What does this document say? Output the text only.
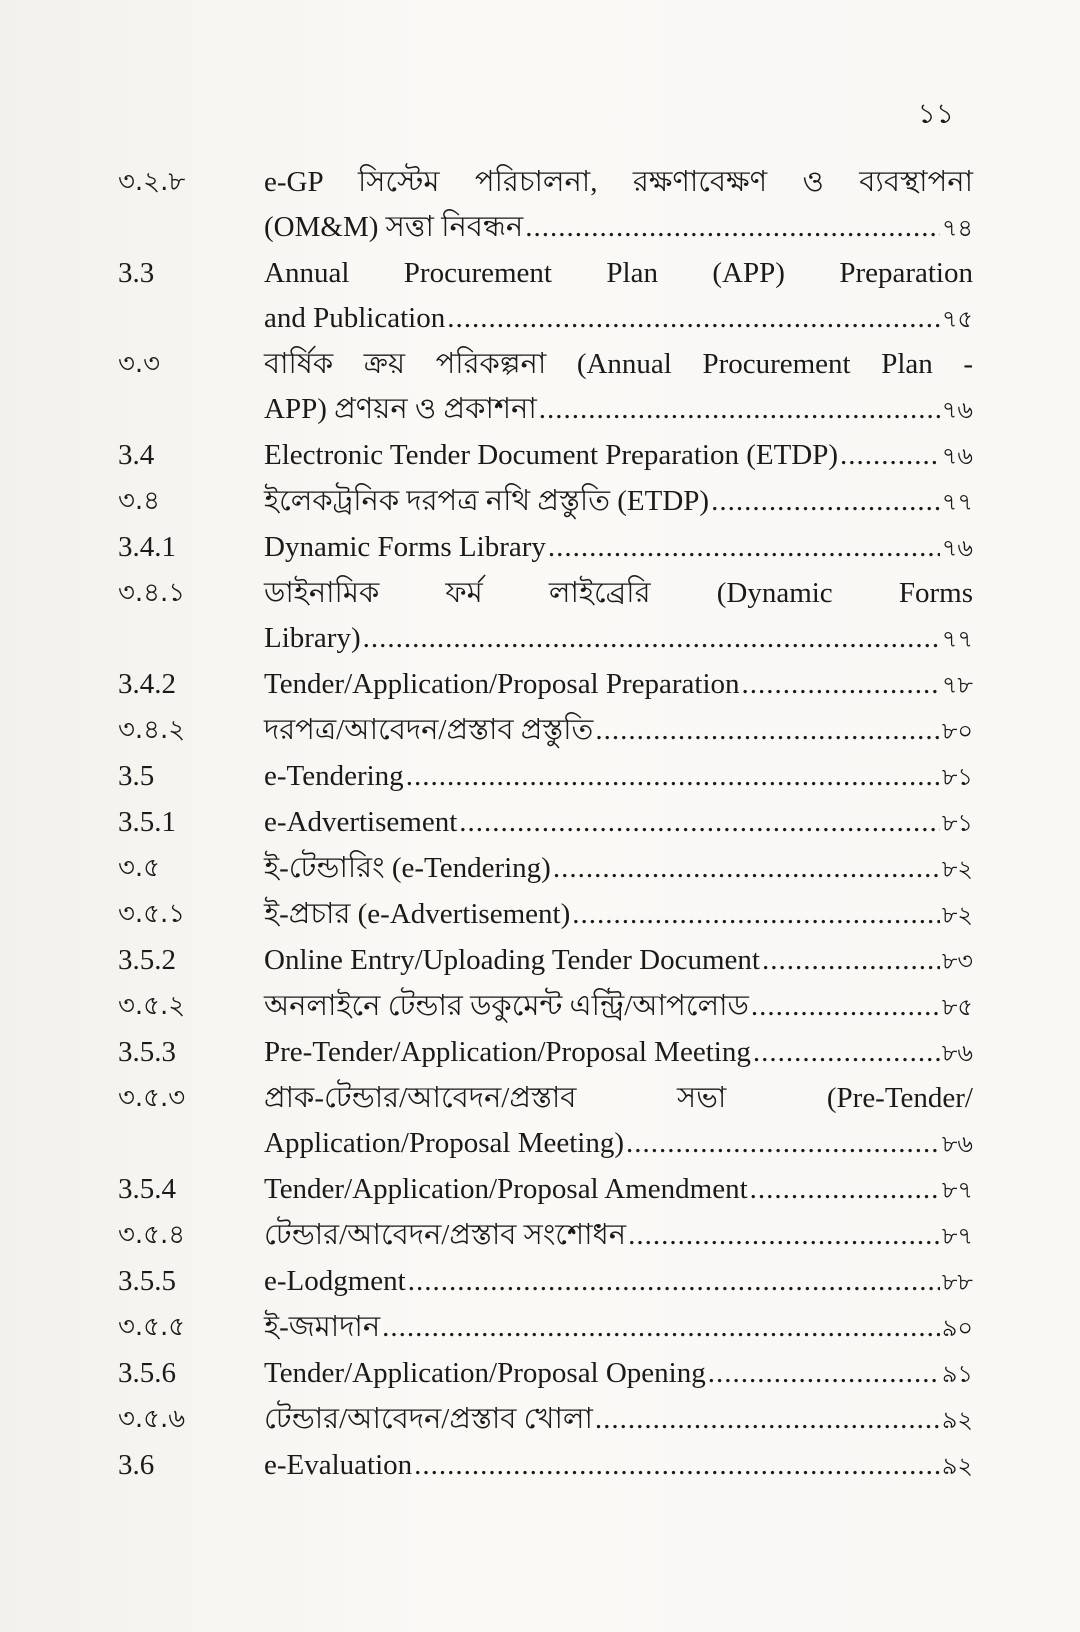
১১
৩.২.৮	e-GP সিস্টেম পরিচালনা, রক্ষণাবেক্ষণ ও ব্যবস্থাপনা
(OM&M) সত্তা নিবন্ধন .....	৭৪
3.3	Annual Procurement Plan (APP) Preparation
and Publication .....	৭৫
৩.৩	বার্ষিক ক্রয় পরিকল্পনা (Annual Procurement Plan -
APP) প্রণয়ন ও প্রকাশনা .....	৭৬
3.4	Electronic Tender Document Preparation (ETDP) .....	৭৬
৩.৪	ইলেকট্রনিক দরপত্র নথি প্রস্তুতি (ETDP) .....	৭৭
3.4.1	Dynamic Forms Library .....	৭৬
৩.৪.১	ডাইনামিক ফর্ম লাইব্রেরি (Dynamic Forms
Library) .....	৭৭
3.4.2	Tender/Application/Proposal Preparation .....	৭৮
৩.৪.২	দরপত্র/আবেদন/প্রস্তাব প্রস্তুতি .....	৮০
3.5	e-Tendering .....	৮১
3.5.1	e-Advertisement .....	৮১
৩.৫	ই-টেন্ডারিং (e-Tendering) .....	৮২
৩.৫.১	ই-প্রচার (e-Advertisement) .....	৮২
3.5.2	Online Entry/Uploading Tender Document .....	৮৩
৩.৫.২	অনলাইনে টেন্ডার ডকুমেন্ট এন্ট্রি/আপলোড .....	৮৫
3.5.3	Pre-Tender/Application/Proposal Meeting .....	৮৬
৩.৫.৩	প্রাক-টেন্ডার/আবেদন/প্রস্তাব সভা (Pre-Tender/
Application/Proposal Meeting) .....	৮৬
3.5.4	Tender/Application/Proposal Amendment .....	৮৭
৩.৫.৪	টেন্ডার/আবেদন/প্রস্তাব সংশোধন .....	৮৭
3.5.5	e-Lodgment .....	৮৮
৩.৫.৫	ই-জমাদান .....	৯০
3.5.6	Tender/Application/Proposal Opening .....	৯১
৩.৫.৬	টেন্ডার/আবেদন/প্রস্তাব খোলা .....	৯২
3.6	e-Evaluation .....	৯২
